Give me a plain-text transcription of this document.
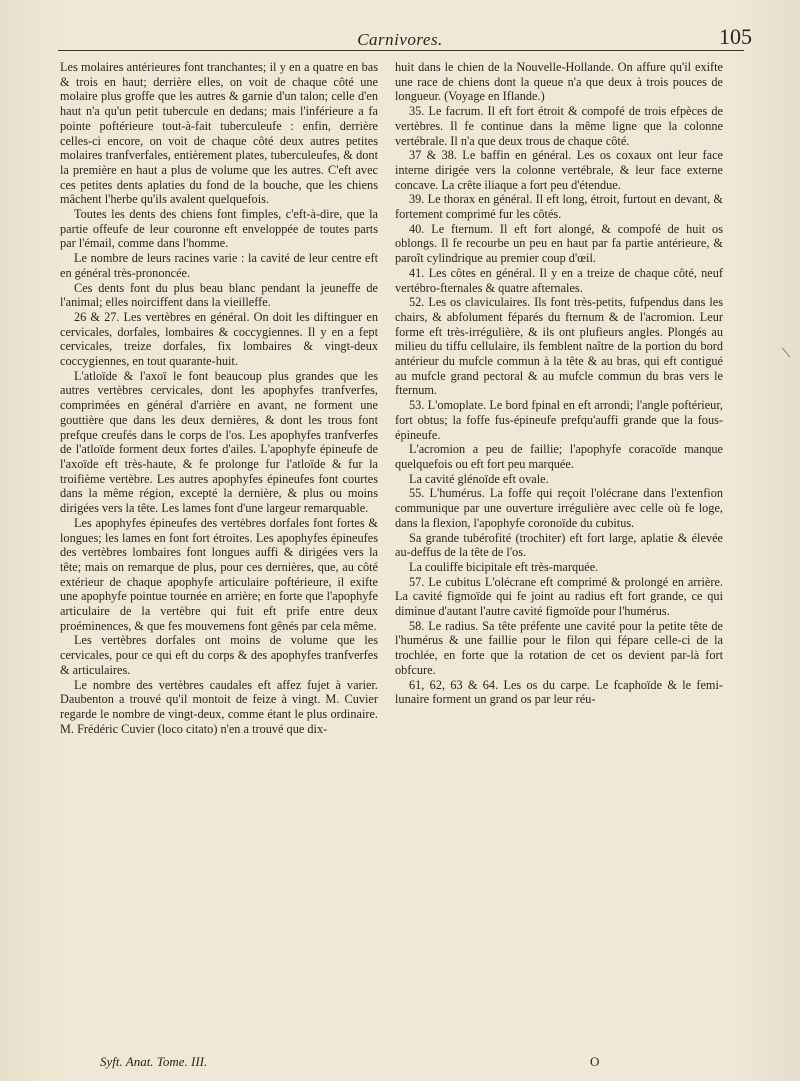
Carnivores.	105

Les molaires antérieures font tranchantes; il y en a quatre en bas & trois en haut; derrière elles, on voit de chaque côté une molaire plus groffe que les autres & garnie d'un talon; celle d'en haut n'a qu'un petit tubercule en dedans; mais l'inférieure a fa pointe poftérieure tout-à-fait tuberculeufe : enfin, derrière celles-ci encore, on voit de chaque côté deux autres petites molaires tranfverfales, entièrement plates, tuberculeufes, & dont la première en haut a plus de volume que les autres. C'eft avec ces petites dents aplaties du fond de la bouche, que les chiens mâchent l'herbe qu'ils avalent quelquefois.

Toutes les dents des chiens font fimples, c'eft-à-dire, que la partie offeufe de leur couronne eft enveloppée de toutes parts par l'émail, comme dans l'homme.

Le nombre de leurs racines varie : la cavité de leur centre eft en général très-prononcée.

Ces dents font du plus beau blanc pendant la jeuneffe de l'animal; elles noirciffent dans la vieilleffe.

26 & 27. Les vertèbres en général. On doit les diftinguer en cervicales, dorfales, lombaires & coccygiennes. Il y en a fept cervicales, treize dorfales, fix lombaires & vingt-deux coccygiennes, en tout quarante-huit.

L'atloïde & l'axoï le font beaucoup plus grandes que les autres vertèbres cervicales, dont les apophyfes tranfverfes, comprimées en général d'arrière en avant, ne forment une gouttière que dans les deux dernières, & dont les trous font prefque creufés dans le corps de l'os. Les apophyfes tranfverfes de l'atloïde forment deux fortes d'ailes. L'apophyfe épineufe de l'axoïde eft très-haute, & fe prolonge fur l'atloïde & fur la troifième vertèbre. Les autres apophyfes épineufes font courtes dans la même région, excepté la dernière, & plus ou moins dirigées vers la tête. Les lames font d'une largeur remarquable.

Les apophyfes épineufes des vertèbres dorfales font fortes & longues; les lames en font fort étroites. Les apophyfes épineufes des vertèbres lombaires font longues auffi & dirigées vers la tête; mais on remarque de plus, pour ces dernières, que, au côté extérieur de chaque apophyfe articulaire poftérieure, il exifte une apophyfe pointue tournée en arrière; en forte que l'apophyfe articulaire de la vertèbre qui fuit eft prife entre deux proéminences, & que fes mouvemens font gênés par cela même.

Les vertèbres dorfales ont moins de volume que les cervicales, pour ce qui eft du corps & des apophyfes tranfverfes & articulaires.

Le nombre des vertèbres caudales eft affez fujet à varier. Daubenton a trouvé qu'il montoit de feize à vingt. M. Cuvier regarde le nombre de vingt-deux, comme étant le plus ordinaire. M. Frédéric Cuvier (loco citato) n'en a trouvé que dix-

huit dans le chien de la Nouvelle-Hollande. On affure qu'il exifte une race de chiens dont la queue n'a que deux à trois pouces de longueur. (Voyage en Iflande.)

35. Le facrum. Il eft fort étroit & compofé de trois efpèces de vertèbres. Il fe continue dans la même ligne que la colonne vertébrale. Il n'a que deux trous de chaque côté.

37 & 38. Le baffin en général. Les os coxaux ont leur face interne dirigée vers la colonne vertébrale, & leur face externe concave. La crête iliaque a fort peu d'étendue.

39. Le thorax en général. Il eft long, étroit, furtout en devant, & fortement comprimé fur les côtés.

40. Le fternum. Il eft fort alongé, & compofé de huit os oblongs. Il fe recourbe un peu en haut par fa partie antérieure, & paroît cylindrique au premier coup d'œil.

41. Les côtes en général. Il y en a treize de chaque côté, neuf vertébro-fternales & quatre afternales.

52. Les os claviculaires. Ils font très-petits, fufpendus dans les chairs, & abfolument féparés du fternum & de l'acromion. Leur forme eft très-irrégulière, & ils ont plufieurs angles. Plongés au milieu du tiffu cellulaire, ils femblent naître de la portion du bord antérieur du mufcle commun à la tête & au bras, qui eft contigué au mufcle grand pectoral & au mufcle commun du bras vers le fternum.

53. L'omoplate. Le bord fpinal en eft arrondi; l'angle poftérieur, fort obtus; la foffe fus-épineufe prefqu'auffi grande que la fous-épineufe.

L'acromion a peu de faillie; l'apophyfe coracoïde manque quelquefois ou eft fort peu marquée.

La cavité glénoïde eft ovale.

55. L'humérus. La foffe qui reçoit l'olécrane dans l'extenfion communique par une ouverture irrégulière avec celle où fe loge, dans la flexion, l'apophyfe coronoïde du cubitus.

Sa grande tubérofité (trochiter) eft fort large, aplatie & élevée au-deffus de la tête de l'os.

La couliffe bicipitale eft très-marquée.

57. Le cubitus L'olécrane eft comprimé & prolongé en arrière. La cavité figmoïde qui fe joint au radius eft fort grande, ce qui diminue d'autant l'autre cavité figmoïde pour l'humérus.

58. Le radius. Sa tête préfente une cavité pour la petite tête de l'humérus & une faillie pour le filon qui fépare celle-ci de la trochlée, en forte que la rotation de cet os devient par-là fort obfcure.

61, 62, 63 & 64. Les os du carpe. Le fcaphoïde & le femi-lunaire forment un grand os par leur réu-

Syft. Anat. Tome. III.	O
